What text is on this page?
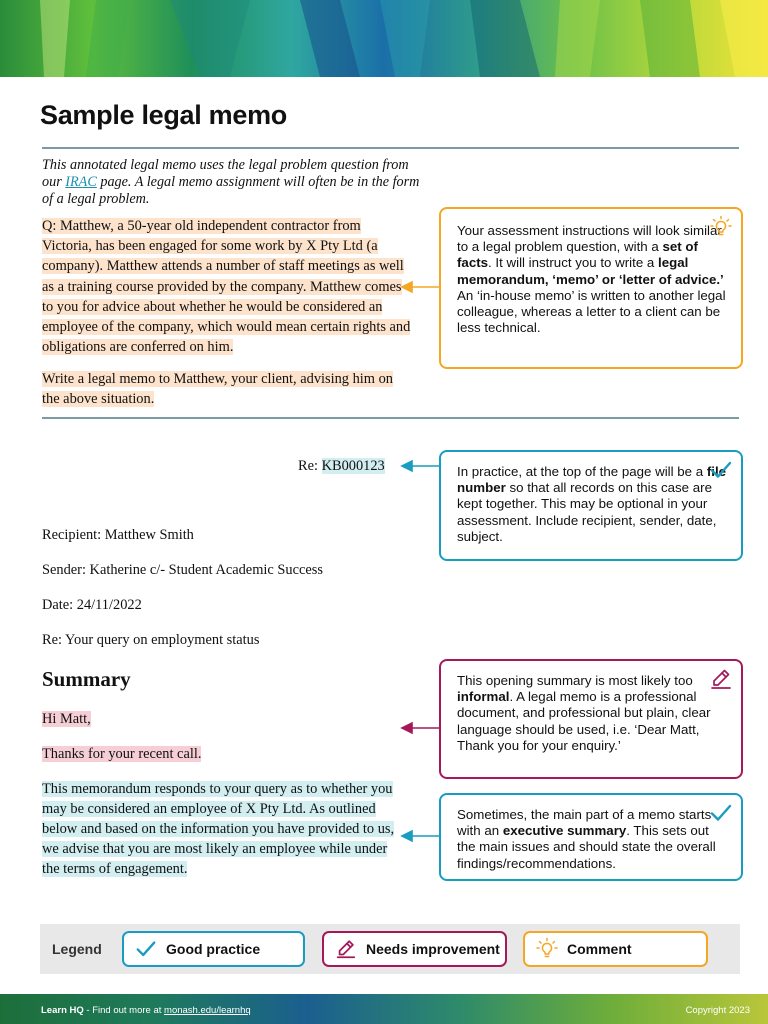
Sample legal memo
This annotated legal memo uses the legal problem question from our IRAC page. A legal memo assignment will often be in the form of a legal problem.
Q: Matthew, a 50-year old independent contractor from Victoria, has been engaged for some work by X Pty Ltd (a company). Matthew attends a number of staff meetings as well as a training course provided by the company. Matthew comes to you for advice about whether he would be considered an employee of the company, which would mean certain rights and obligations are conferred on him.
Write a legal memo to Matthew, your client, advising him on the above situation.
Re: KB000123
Recipient: Matthew Smith
Sender: Katherine c/- Student Academic Success
Date: 24/11/2022
Re: Your query on employment status
Summary
Hi Matt,
Thanks for your recent call.
This memorandum responds to your query as to whether you may be considered an employee of X Pty Ltd. As outlined below and based on the information you have provided to us, we advise that you are most likely an employee while under the terms of engagement.
Your assessment instructions will look similar to a legal problem question, with a set of facts. It will instruct you to write a legal memorandum, ‘memo’ or ‘letter of advice.’ An ‘in-house memo’ is written to another legal colleague, whereas a letter to a client can be less technical.
In practice, at the top of the page will be a file number so that all records on this case are kept together. This may be optional in your assessment. Include recipient, sender, date, subject.
This opening summary is most likely too informal. A legal memo is a professional document, and professional but plain, clear language should be used, i.e. ‘Dear Matt, Thank you for your enquiry.’
Sometimes, the main part of a memo starts with an executive summary. This sets out the main issues and should state the overall findings/recommendations.
Legend	Good practice	Needs improvement	Comment
Learn HQ - Find out more at monash.edu/learnhq	Copyright 2023
